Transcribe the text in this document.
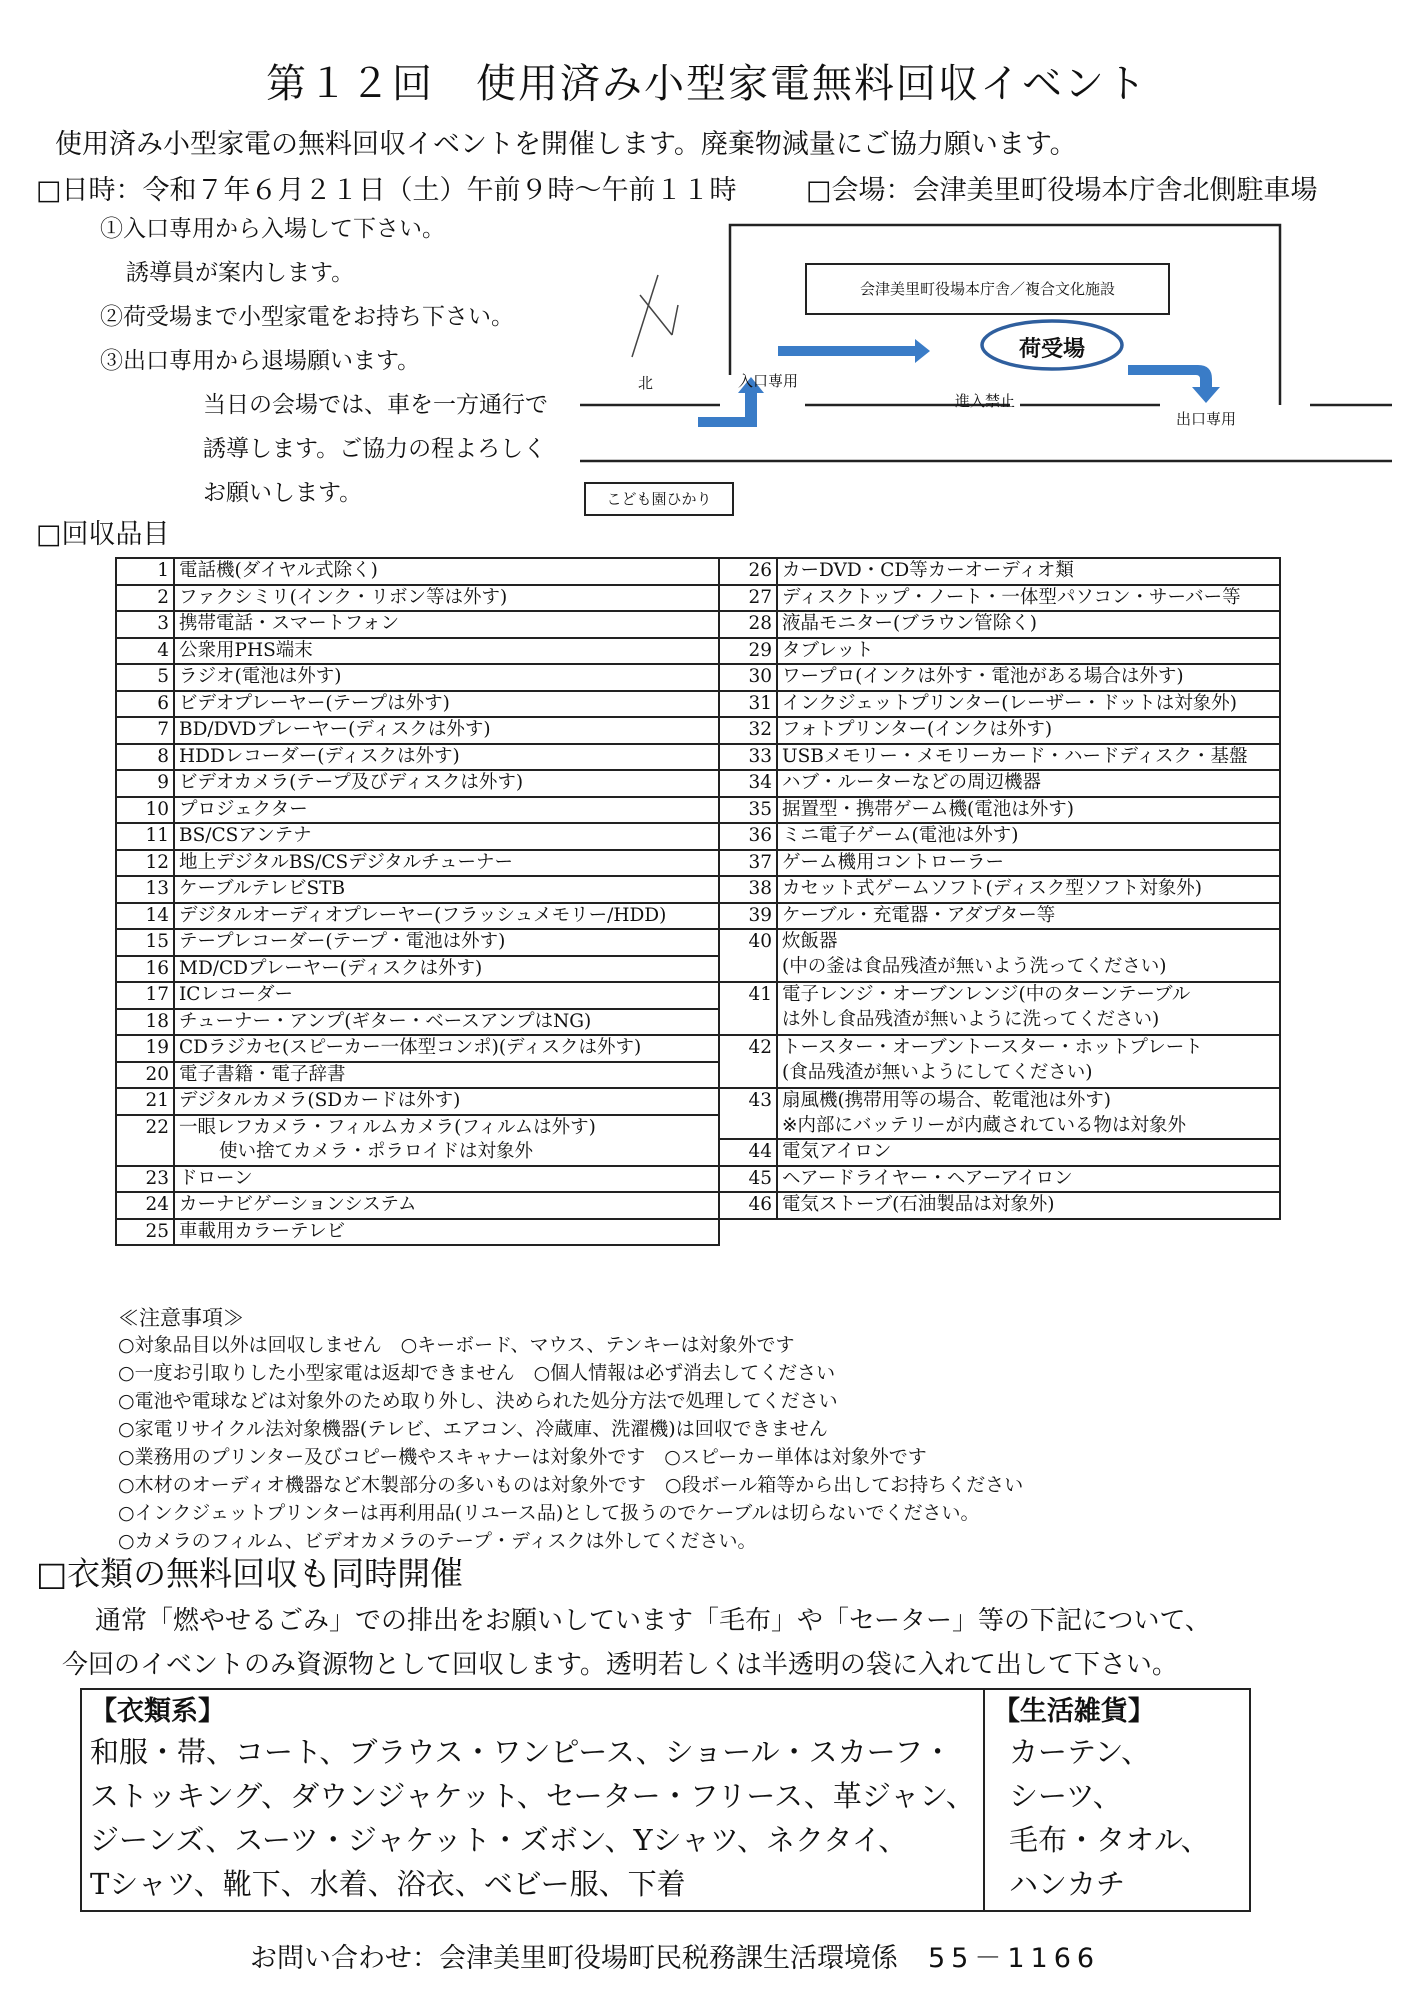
第１２回　使用済み小型家電無料回収イベント
使用済み小型家電の無料回収イベントを開催します。廃棄物減量にご協力願います。
□日時：令和７年６月２１日（土）午前９時～午前１１時	□会場：会津美里町役場本庁舎北側駐車場
①入口専用から入場して下さい。
誘導員が案内します。
②荷受場まで小型家電をお持ち下さい。
③出口専用から退場願います。
当日の会場では、車を一方通行で
誘導します。ご協力の程よろしく
お願いします。
会津美里町役場本庁舎／複合文化施設
荷受場
北	入口専用
進入禁止
出口専用
こども園ひかり
□回収品目
1	電話機(ダイヤル式除く)	26	カーDVD・CD等カーオーディオ類
2	ファクシミリ(インク・リボン等は外す)	27	ディスクトップ・ノート・一体型パソコン・サーバー等
3	携帯電話・スマートフォン	28	液晶モニター(ブラウン管除く)
4	公衆用PHS端末	29	タブレット
5	ラジオ(電池は外す)	30	ワープロ(インクは外す・電池がある場合は外す)
6	ビデオプレーヤー(テープは外す)	31	インクジェットプリンター(レーザー・ドットは対象外)
7	BD/DVDプレーヤー(ディスクは外す)	32	フォトプリンター(インクは外す)
8	HDDレコーダー(ディスクは外す)	33	USBメモリー・メモリーカード・ハードディスク・基盤
9	ビデオカメラ(テープ及びディスクは外す)	34	ハブ・ルーターなどの周辺機器
10	プロジェクター	35	据置型・携帯ゲーム機(電池は外す)
11	BS/CSアンテナ	36	ミニ電子ゲーム(電池は外す)
12	地上デジタルBS/CSデジタルチューナー	37	ゲーム機用コントローラー
13	ケーブルテレビSTB	38	カセット式ゲームソフト(ディスク型ソフト対象外)
14	デジタルオーディオプレーヤー(フラッシュメモリー/HDD)	39	ケーブル・充電器・アダプター等
15	テープレコーダー(テープ・電池は外す)	40	炊飯器
(中の釜は食品残渣が無いよう洗ってください)
16	MD/CDプレーヤー(ディスクは外す)		
17	ICレコーダー	41	電子レンジ・オーブンレンジ(中のターンテーブル
は外し食品残渣が無いように洗ってください)
18	チューナー・アンプ(ギター・ベースアンプはNG)		
19	CDラジカセ(スピーカー一体型コンポ)(ディスクは外す)	42	トースター・オーブントースター・ホットプレート
(食品残渣が無いようにしてください)
20	電子書籍・電子辞書		
21	デジタルカメラ(SDカードは外す)	43	扇風機(携帯用等の場合、乾電池は外す)
※内部にバッテリーが内蔵されている物は対象外
22	一眼レフカメラ・フィルムカメラ(フィルムは外す)
使い捨てカメラ・ポラロイドは対象外		
		44	電気アイロン
23	ドローン	45	ヘアードライヤー・ヘアーアイロン
24	カーナビゲーションシステム	46	電気ストーブ(石油製品は対象外)
25	車載用カラーテレビ		
≪注意事項≫
○対象品目以外は回収しません　○キーボード、マウス、テンキーは対象外です
○一度お引取りした小型家電は返却できません　○個人情報は必ず消去してください
○電池や電球などは対象外のため取り外し、決められた処分方法で処理してください
○家電リサイクル法対象機器(テレビ、エアコン、冷蔵庫、洗濯機)は回収できません
○業務用のプリンター及びコピー機やスキャナーは対象外です　○スピーカー単体は対象外です
○木材のオーディオ機器など木製部分の多いものは対象外です　○段ボール箱等から出してお持ちください
○インクジェットプリンターは再利用品(リユース品)として扱うのでケーブルは切らないでください。
○カメラのフィルム、ビデオカメラのテープ・ディスクは外してください。
□衣類の無料回収も同時開催
通常「燃やせるごみ」での排出をお願いしています「毛布」や「セーター」等の下記について、
今回のイベントのみ資源物として回収します。透明若しくは半透明の袋に入れて出して下さい。
【衣類系】
和服・帯、コート、ブラウス・ワンピース、ショール・スカーフ・
ストッキング、ダウンジャケット、セーター・フリース、革ジャン、
ジーンズ、スーツ・ジャケット・ズボン、Yシャツ、ネクタイ、
Tシャツ、靴下、水着、浴衣、ベビー服、下着

【生活雑貨】
カーテン、
シーツ、
毛布・タオル、
ハンカチ
お問い合わせ：会津美里町役場町民税務課生活環境係 55－1166
